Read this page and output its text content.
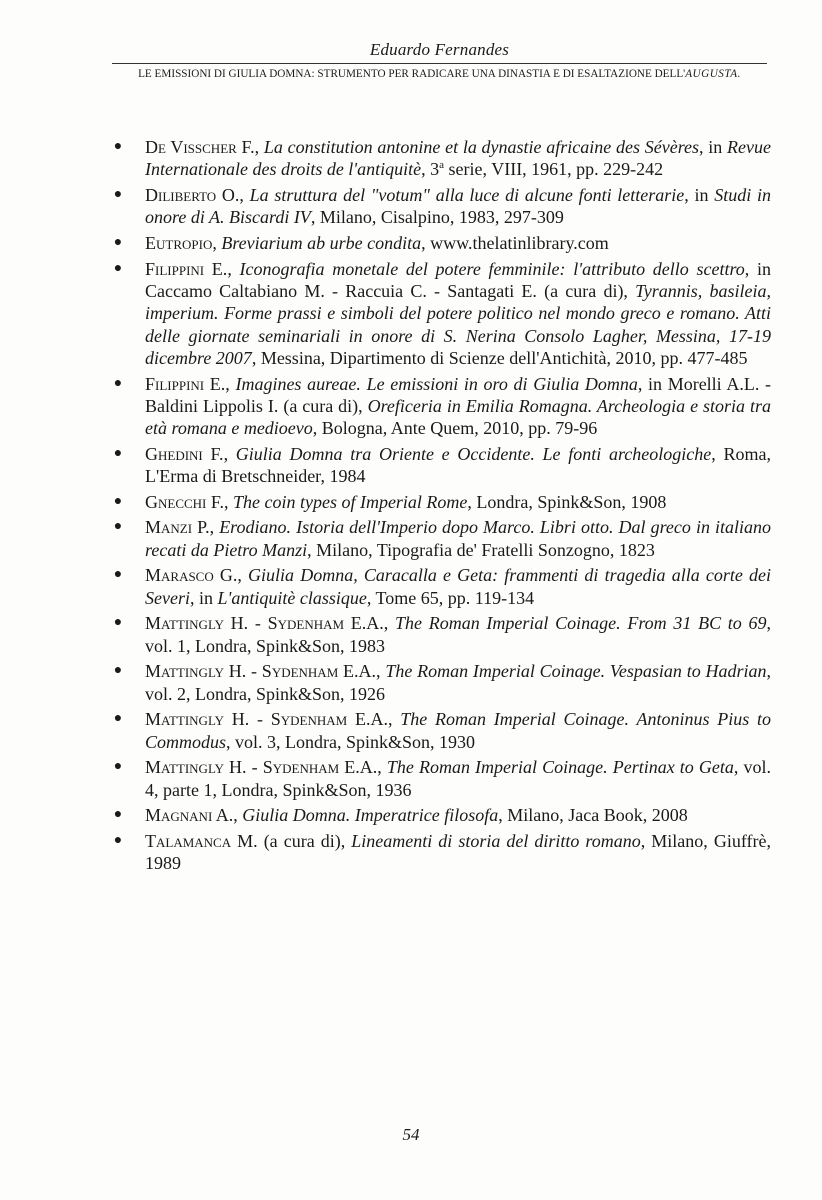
Eduardo Fernandes
LE EMISSIONI DI GIULIA DOMNA: STRUMENTO PER RADICARE UNA DINASTIA E DI ESALTAZIONE DELL'AUGUSTA.
● De Visscher F., La constitution antonine et la dynastie africaine des Sévères, in Revue Internationale des droits de l'antiquitè, 3$^a$ serie, VIII, 1961, pp. 229-242
● Diliberto O., La struttura del "votum" alla luce di alcune fonti letterarie, in Studi in onore di A. Biscardi IV, Milano, Cisalpino, 1983, 297-309
● Eutropio, Breviarium ab urbe condita, www.thelatinlibrary.com
● Filippini E., Iconografia monetale del potere femminile: l'attributo dello scettro, in Caccamo Caltabiano M. - Raccuia C. - Santagati E. (a cura di), Tyrannis, basileia, imperium. Forme prassi e simboli del potere politico nel mondo greco e romano. Atti delle giornate seminariali in onore di S. Nerina Consolo Lagher, Messina, 17-19 dicembre 2007, Messina, Dipartimento di Scienze dell'Antichità, 2010, pp. 477-485
● Filippini E., Imagines aureae. Le emissioni in oro di Giulia Domna, in Morelli A.L. - Baldini Lippolis I. (a cura di), Oreficeria in Emilia Romagna. Archeologia e storia tra età romana e medioevo, Bologna, Ante Quem, 2010, pp. 79-96
● Ghedini F., Giulia Domna tra Oriente e Occidente. Le fonti archeologiche, Roma, L'Erma di Bretschneider, 1984
● Gnecchi F., The coin types of Imperial Rome, Londra, Spink&Son, 1908
● Manzi P., Erodiano. Istoria dell'Imperio dopo Marco. Libri otto. Dal greco in italiano recati da Pietro Manzi, Milano, Tipografia de' Fratelli Sonzogno, 1823
● Marasco G., Giulia Domna, Caracalla e Geta: frammenti di tragedia alla corte dei Severi, in L'antiquitè classique, Tome 65, pp. 119-134
● Mattingly H. - Sydenham E.A., The Roman Imperial Coinage. From 31 BC to 69, vol. 1, Londra, Spink&Son, 1983
● Mattingly H. - Sydenham E.A., The Roman Imperial Coinage. Vespasian to Hadrian, vol. 2, Londra, Spink&Son, 1926
● Mattingly H. - Sydenham E.A., The Roman Imperial Coinage. Antoninus Pius to Commodus, vol. 3, Londra, Spink&Son, 1930
● Mattingly H. - Sydenham E.A., The Roman Imperial Coinage. Pertinax to Geta, vol. 4, parte 1, Londra, Spink&Son, 1936
● Magnani A., Giulia Domna. Imperatrice filosofa, Milano, Jaca Book, 2008
● Talamanca M. (a cura di), Lineamenti di storia del diritto romano, Milano, Giuffrè, 1989
54
